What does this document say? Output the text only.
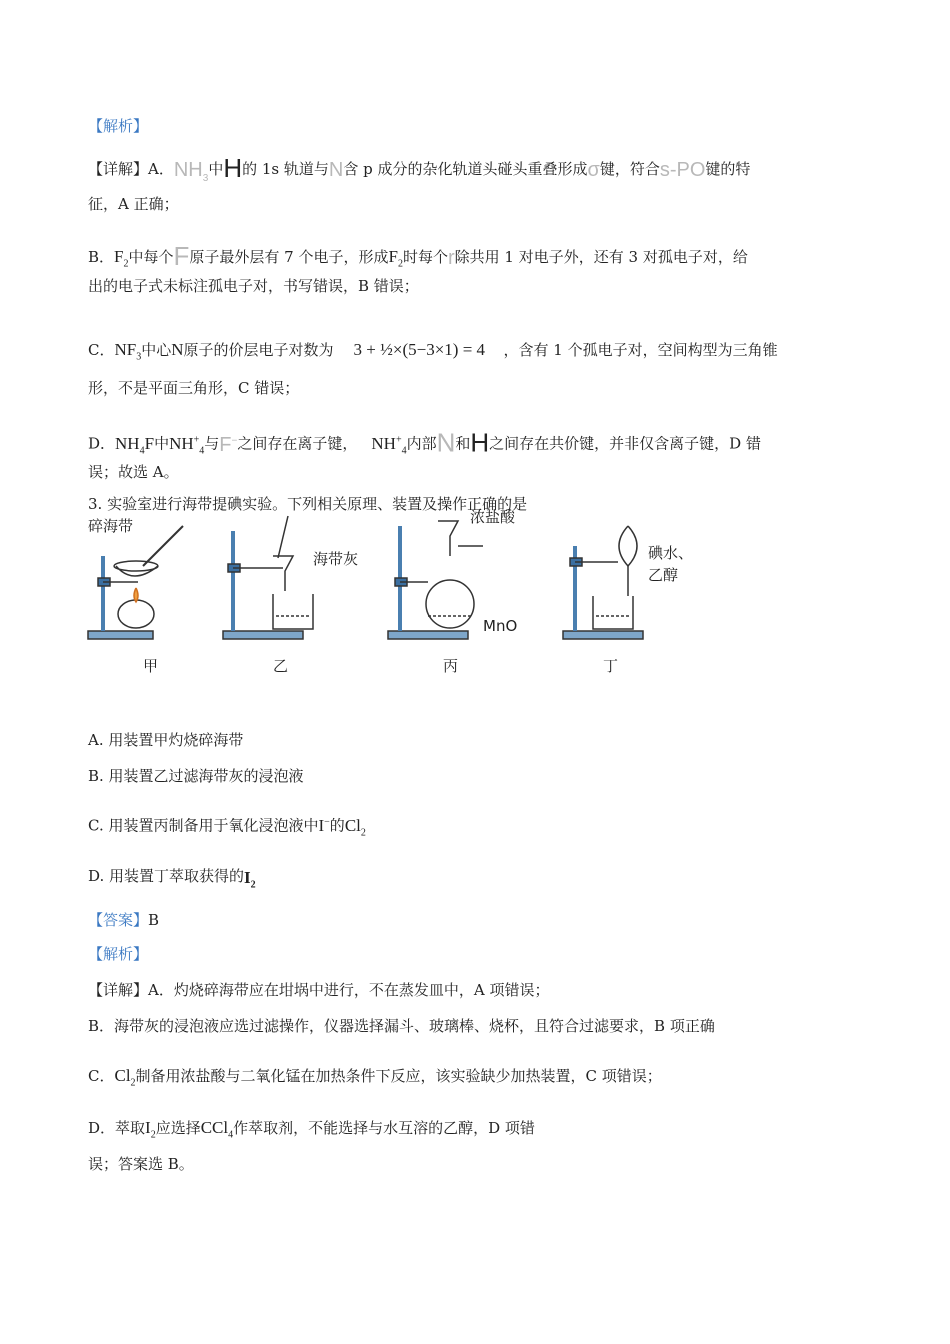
【解析】
【详解】A．$NH_3$中H的 1s 轨道与N含 p 成分的杂化轨道头碰头重叠形成σ键，符合s-PO键的特
征，A 正确；
B．$F_2$中每个F原子最外层有 7 个电子，形成$F_2$时每个r除共用 1 对电子外，还有 3 对孤电子对，给
出的电子式未标注孤电子对，书写错误，B 错误；
C．$NF_3$中心N原子的价层电子对数为 3 + ½×(5−3×1) = 4 ，含有 1 个孤电子对，空间构型为三角锥
形，不是平面三角形，C 错误；
D．$NH_4F$中$NH^+_4$与F−之间存在离子键， $NH^+_4$内部N和H之间存在共价键，并非仅含离子键，D 错
误；故选 A。
3. 实验室进行海带提碘实验。下列相关原理、装置及操作正确的是
碎海带
海带灰
浓盐酸
MnO
碘水、
乙醇
甲	乙	丙	丁
A. 用装置甲灼烧碎海带
B. 用装置乙过滤海带灰的浸泡液
C. 用装置丙制备用于氧化浸泡液中I−的$Cl_2$
D. 用装置丁萃取获得的$I_2$
【答案】B
【解析】
【详解】A．灼烧碎海带应在坩埚中进行，不在蒸发皿中，A 项错误；
B．海带灰的浸泡液应选过滤操作，仪器选择漏斗、玻璃棒、烧杯，且符合过滤要求，B 项正确
C．$Cl_2$制备用浓盐酸与二氧化锰在加热条件下反应，该实验缺少加热装置，C 项错误；
D．萃取$I_2$应选择CCl$_4$作萃取剂，不能选择与水互溶的乙醇，D 项错
误；答案选 B。
